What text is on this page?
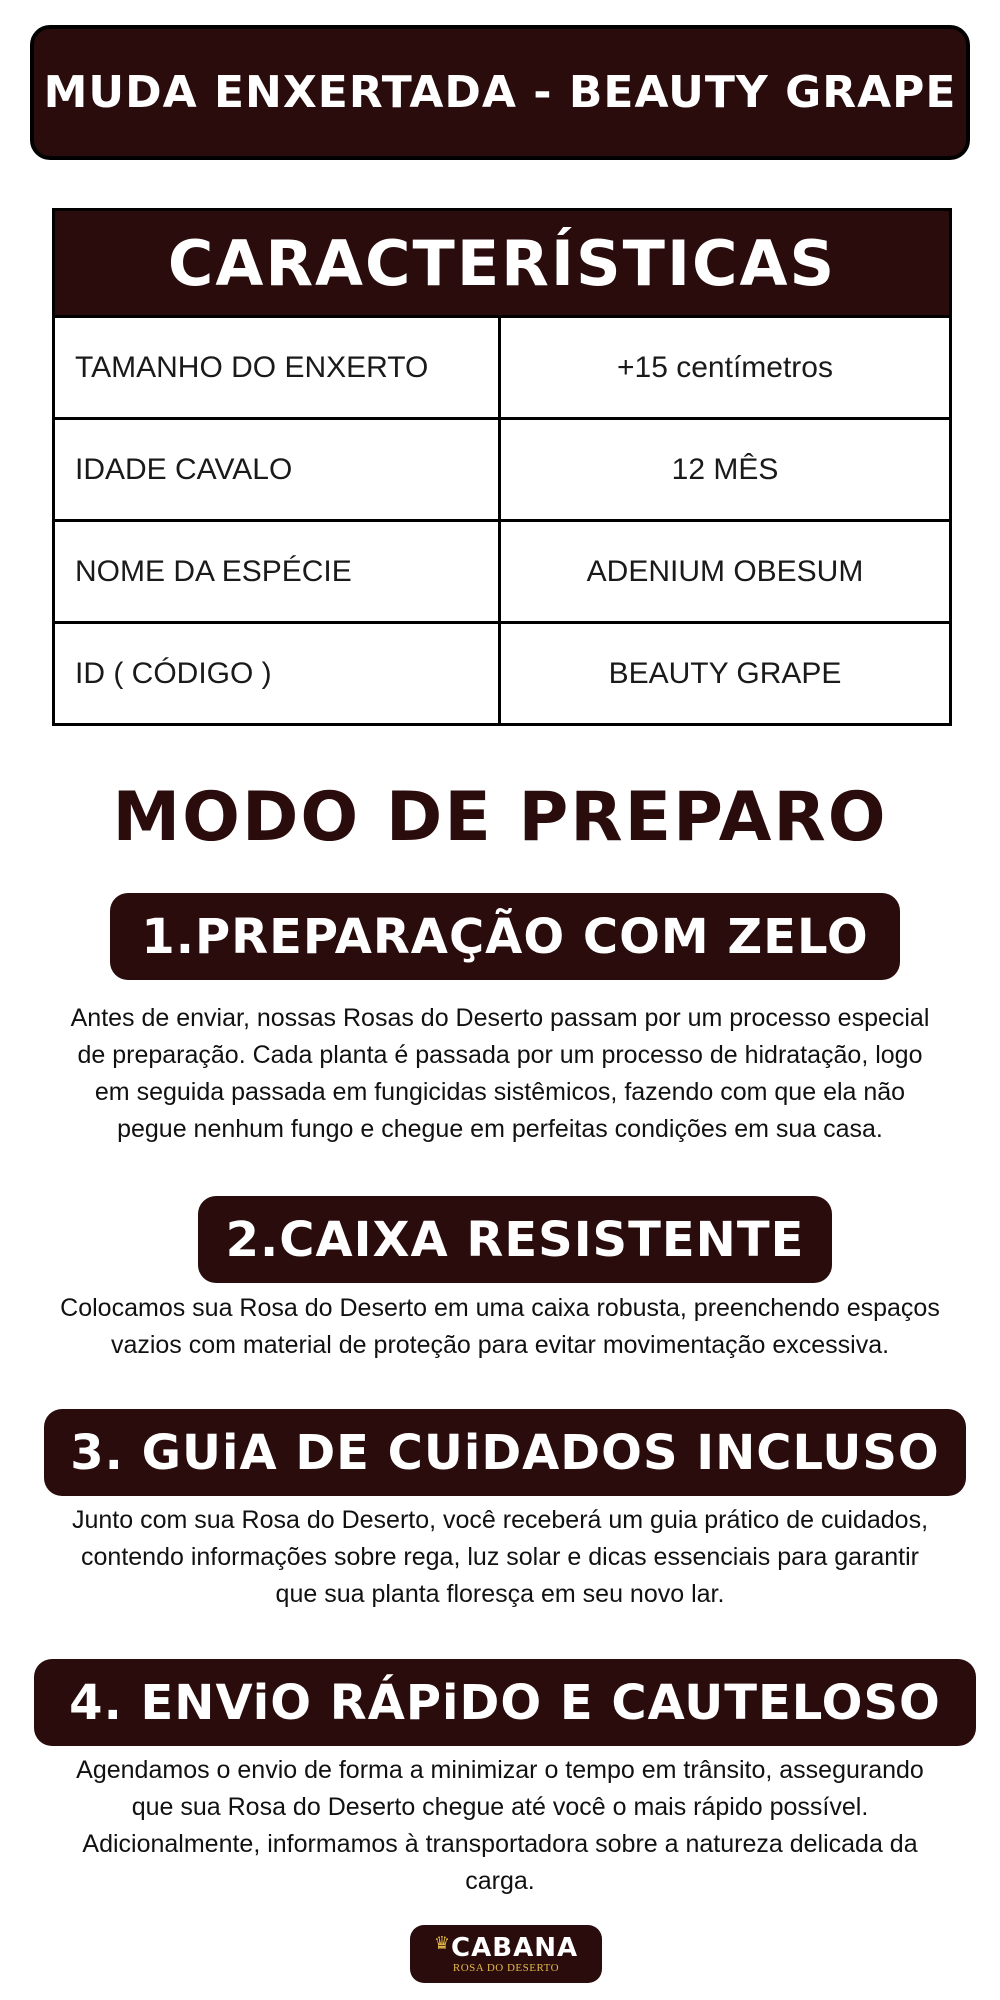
MUDA ENXERTADA - BEAUTY GRAPE
CARACTERÍSTICAS	
TAMANHO DO ENXERTO	+15 centímetros
IDADE CAVALO	12 MÊS
NOME DA ESPÉCIE	ADENIUM OBESUM
ID ( CÓDIGO )	BEAUTY GRAPE
MODO DE PREPARO
1.PREPARAÇÃO COM ZELO
Antes de enviar, nossas Rosas do Deserto passam por um processo especial de preparação. Cada planta é passada por um processo de hidratação, logo em seguida passada em fungicidas sistêmicos, fazendo com que ela não pegue nenhum fungo e chegue em perfeitas condições em sua casa.
2.CAIXA RESISTENTE
Colocamos sua Rosa do Deserto em uma caixa robusta, preenchendo espaços vazios com material de proteção para evitar movimentação excessiva.
3. GUiA DE CUiDADOS INCLUSO
Junto com sua Rosa do Deserto, você receberá um guia prático de cuidados, contendo informações sobre rega, luz solar e dicas essenciais para garantir que sua planta floresça em seu novo lar.
4. ENViO RÁPiDO E CAUTELOSO
Agendamos o envio de forma a minimizar o tempo em trânsito, assegurando que sua Rosa do Deserto chegue até você o mais rápido possível. Adicionalmente, informamos à transportadora sobre a natureza delicada da carga.
♛CABANA
ROSA DO DESERTO
